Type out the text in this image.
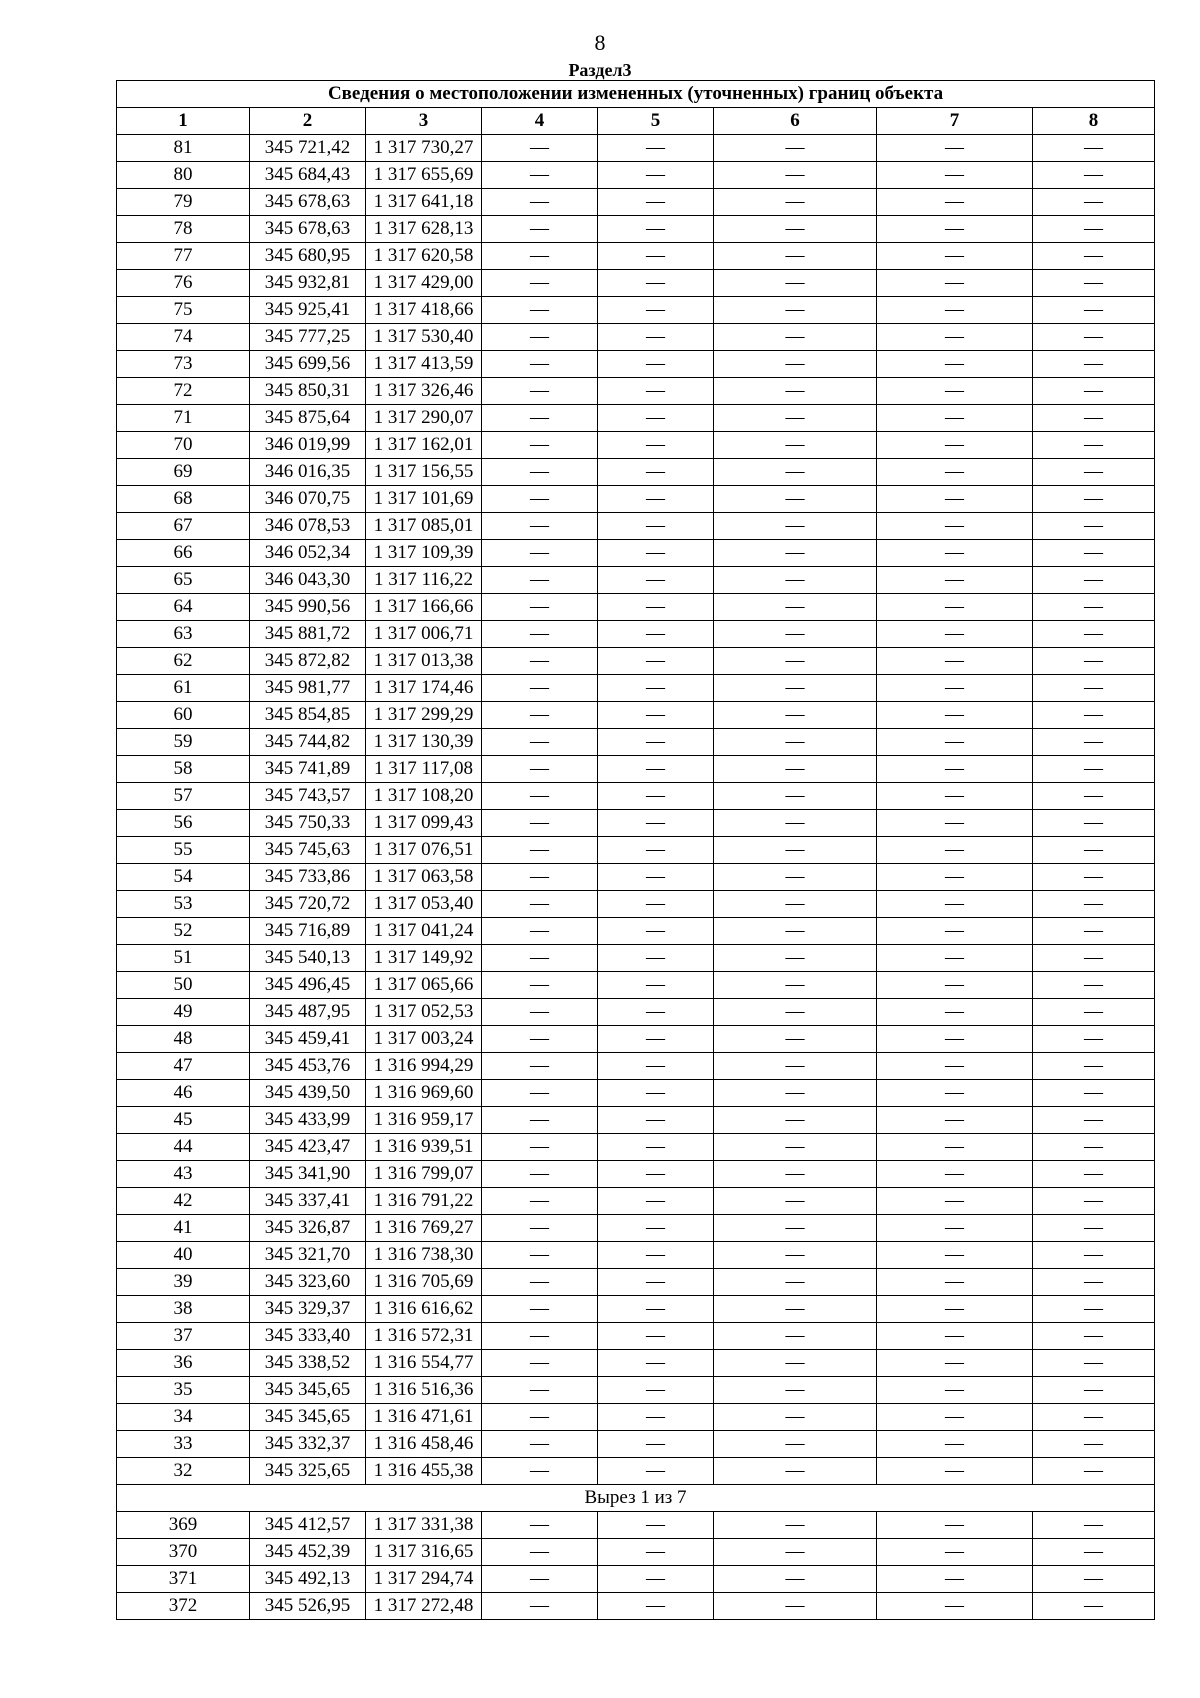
8
Раздел3
Сведения о местоположении измененных (уточненных) границ объекта							
1	2	3	4	5	6	7	8
81	345 721,42	1 317 730,27	—	—	—	—	—
80	345 684,43	1 317 655,69	—	—	—	—	—
79	345 678,63	1 317 641,18	—	—	—	—	—
78	345 678,63	1 317 628,13	—	—	—	—	—
77	345 680,95	1 317 620,58	—	—	—	—	—
76	345 932,81	1 317 429,00	—	—	—	—	—
75	345 925,41	1 317 418,66	—	—	—	—	—
74	345 777,25	1 317 530,40	—	—	—	—	—
73	345 699,56	1 317 413,59	—	—	—	—	—
72	345 850,31	1 317 326,46	—	—	—	—	—
71	345 875,64	1 317 290,07	—	—	—	—	—
70	346 019,99	1 317 162,01	—	—	—	—	—
69	346 016,35	1 317 156,55	—	—	—	—	—
68	346 070,75	1 317 101,69	—	—	—	—	—
67	346 078,53	1 317 085,01	—	—	—	—	—
66	346 052,34	1 317 109,39	—	—	—	—	—
65	346 043,30	1 317 116,22	—	—	—	—	—
64	345 990,56	1 317 166,66	—	—	—	—	—
63	345 881,72	1 317 006,71	—	—	—	—	—
62	345 872,82	1 317 013,38	—	—	—	—	—
61	345 981,77	1 317 174,46	—	—	—	—	—
60	345 854,85	1 317 299,29	—	—	—	—	—
59	345 744,82	1 317 130,39	—	—	—	—	—
58	345 741,89	1 317 117,08	—	—	—	—	—
57	345 743,57	1 317 108,20	—	—	—	—	—
56	345 750,33	1 317 099,43	—	—	—	—	—
55	345 745,63	1 317 076,51	—	—	—	—	—
54	345 733,86	1 317 063,58	—	—	—	—	—
53	345 720,72	1 317 053,40	—	—	—	—	—
52	345 716,89	1 317 041,24	—	—	—	—	—
51	345 540,13	1 317 149,92	—	—	—	—	—
50	345 496,45	1 317 065,66	—	—	—	—	—
49	345 487,95	1 317 052,53	—	—	—	—	—
48	345 459,41	1 317 003,24	—	—	—	—	—
47	345 453,76	1 316 994,29	—	—	—	—	—
46	345 439,50	1 316 969,60	—	—	—	—	—
45	345 433,99	1 316 959,17	—	—	—	—	—
44	345 423,47	1 316 939,51	—	—	—	—	—
43	345 341,90	1 316 799,07	—	—	—	—	—
42	345 337,41	1 316 791,22	—	—	—	—	—
41	345 326,87	1 316 769,27	—	—	—	—	—
40	345 321,70	1 316 738,30	—	—	—	—	—
39	345 323,60	1 316 705,69	—	—	—	—	—
38	345 329,37	1 316 616,62	—	—	—	—	—
37	345 333,40	1 316 572,31	—	—	—	—	—
36	345 338,52	1 316 554,77	—	—	—	—	—
35	345 345,65	1 316 516,36	—	—	—	—	—
34	345 345,65	1 316 471,61	—	—	—	—	—
33	345 332,37	1 316 458,46	—	—	—	—	—
32	345 325,65	1 316 455,38	—	—	—	—	—
Вырез 1 из 7							
369	345 412,57	1 317 331,38	—	—	—	—	—
370	345 452,39	1 317 316,65	—	—	—	—	—
371	345 492,13	1 317 294,74	—	—	—	—	—
372	345 526,95	1 317 272,48	—	—	—	—	—
